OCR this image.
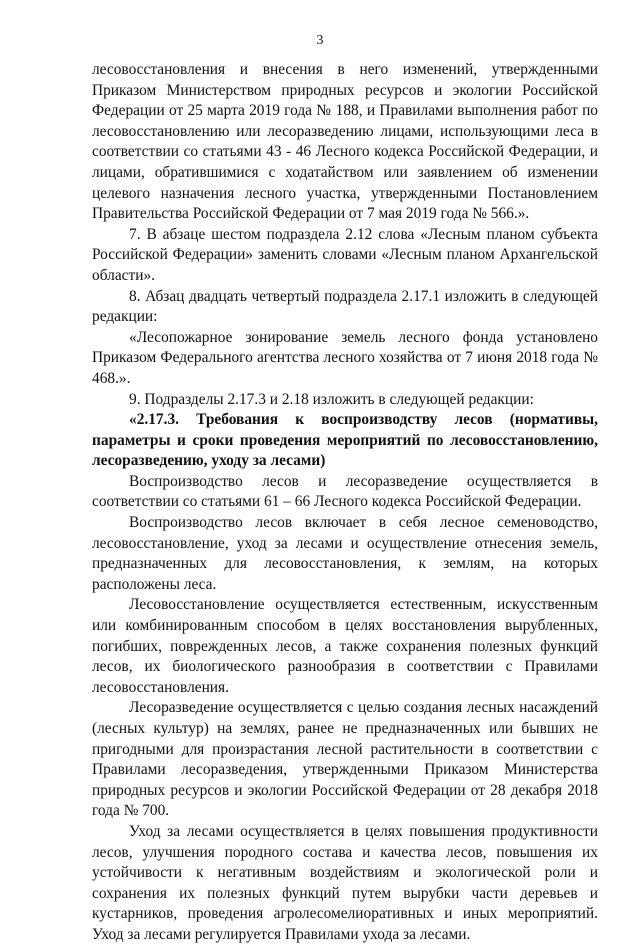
3

лесовосстановления и внесения в него изменений, утвержденными Приказом Министерством природных ресурсов и экологии Российской Федерации от 25 марта 2019 года № 188, и Правилами выполнения работ по лесовосстановлению или лесоразведению лицами, использующими леса в соответствии со статьями 43 - 46 Лесного кодекса Российской Федерации, и лицами, обратившимися с ходатайством или заявлением об изменении целевого назначения лесного участка, утвержденными Постановлением Правительства Российской Федерации от 7 мая 2019 года № 566.».

7. В абзаце шестом подраздела 2.12 слова «Лесным планом субъекта Российской Федерации» заменить словами «Лесным планом Архангельской области».

8. Абзац двадцать четвертый подраздела 2.17.1 изложить в следующей редакции:

«Лесопожарное зонирование земель лесного фонда установлено Приказом Федерального агентства лесного хозяйства от 7 июня 2018 года № 468.».

9. Подразделы 2.17.3 и 2.18 изложить в следующей редакции:

«2.17.3. Требования к воспроизводству лесов (нормативы, параметры и сроки проведения мероприятий по лесовосстановлению, лесоразведению, уходу за лесами)

Воспроизводство лесов и лесоразведение осуществляется в соответствии со статьями 61 – 66 Лесного кодекса Российской Федерации.

Воспроизводство лесов включает в себя лесное семеноводство, лесовосстановление, уход за лесами и осуществление отнесения земель, предназначенных для лесовосстановления, к землям, на которых расположены леса.

Лесовосстановление осуществляется естественным, искусственным или комбинированным способом в целях восстановления вырубленных, погибших, поврежденных лесов, а также сохранения полезных функций лесов, их биологического разнообразия в соответствии с Правилами лесовосстановления.

Лесоразведение осуществляется с целью создания лесных насаждений (лесных культур) на землях, ранее не предназначенных или бывших не пригодными для произрастания лесной растительности в соответствии с Правилами лесоразведения, утвержденными Приказом Министерства природных ресурсов и экологии Российской Федерации от 28 декабря 2018 года № 700.

Уход за лесами осуществляется в целях повышения продуктивности лесов, улучшения породного состава и качества лесов, повышения их устойчивости к негативным воздействиям и экологической роли и сохранения их полезных функций путем вырубки части деревьев и кустарников, проведения агролесомелиоративных и иных мероприятий. Уход за лесами регулируется Правилами ухода за лесами.
